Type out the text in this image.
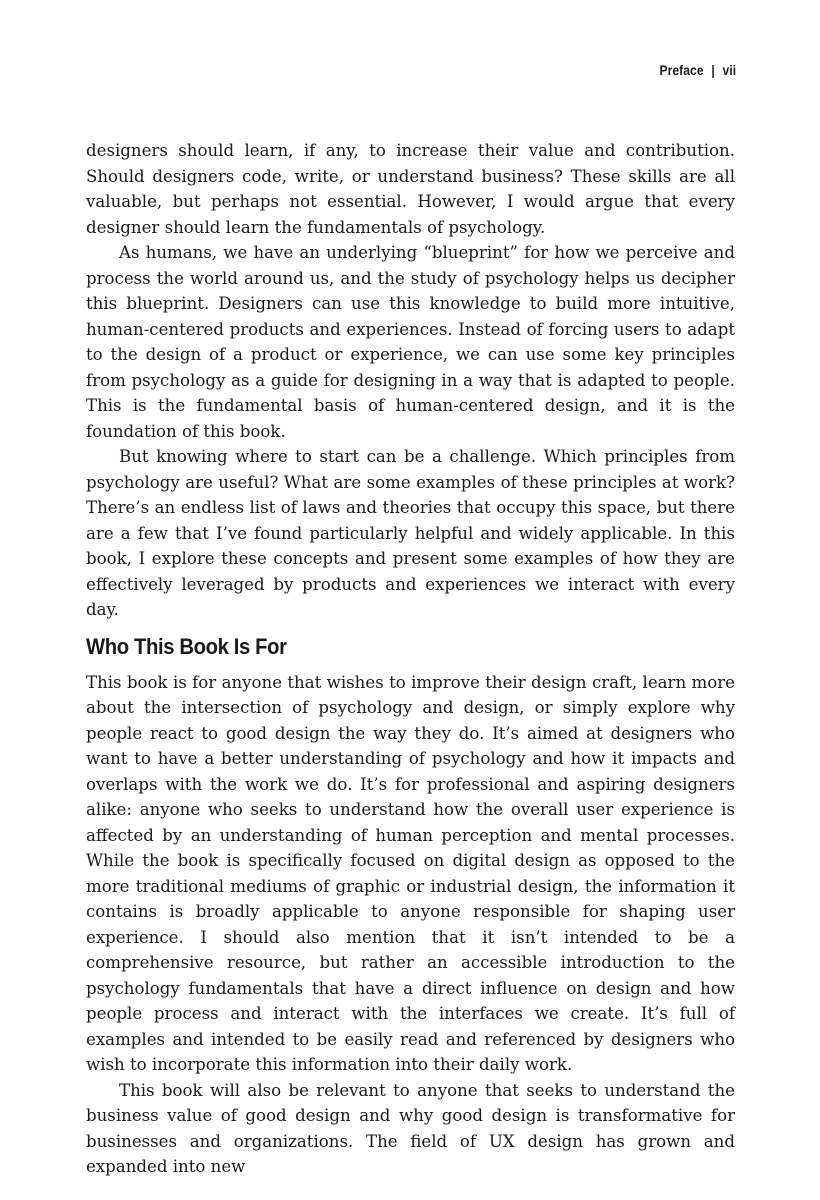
Preface | vii

designers should learn, if any, to increase their value and contribution. Should designers code, write, or understand business? These skills are all valuable, but perhaps not essential. However, I would argue that every designer should learn the fundamentals of psychology.

As humans, we have an underlying “blueprint” for how we perceive and process the world around us, and the study of psychology helps us decipher this blueprint. Designers can use this knowledge to build more intuitive, human-centered products and experiences. Instead of forcing users to adapt to the design of a product or experience, we can use some key principles from psychology as a guide for designing in a way that is adapted to people. This is the fundamental basis of human-centered design, and it is the foundation of this book.

But knowing where to start can be a challenge. Which principles from psychology are useful? What are some examples of these principles at work? There’s an endless list of laws and theories that occupy this space, but there are a few that I’ve found particularly helpful and widely applicable. In this book, I explore these concepts and present some examples of how they are effectively leveraged by products and experiences we interact with every day.

Who This Book Is For

This book is for anyone that wishes to improve their design craft, learn more about the intersection of psychology and design, or simply explore why people react to good design the way they do. It’s aimed at designers who want to have a better understanding of psychology and how it impacts and overlaps with the work we do. It’s for professional and aspiring designers alike: anyone who seeks to understand how the overall user experience is affected by an understanding of human perception and mental processes. While the book is specifically focused on digital design as opposed to the more traditional mediums of graphic or industrial design, the information it contains is broadly applicable to anyone responsible for shaping user experience. I should also mention that it isn’t intended to be a comprehensive resource, but rather an accessible introduction to the psychology fundamentals that have a direct influence on design and how people process and interact with the interfaces we create. It’s full of examples and intended to be easily read and referenced by designers who wish to incorporate this information into their daily work.

This book will also be relevant to anyone that seeks to understand the business value of good design and why good design is transformative for businesses and organizations. The field of UX design has grown and expanded into new
